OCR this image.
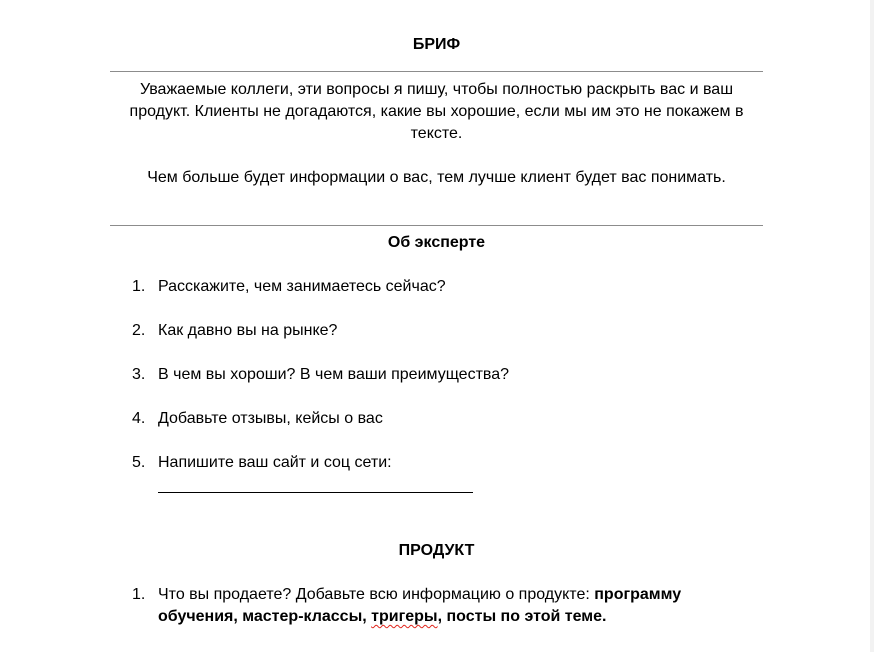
БРИФ
Уважаемые коллеги, эти вопросы я пишу, чтобы полностью раскрыть вас и ваш продукт. Клиенты не догадаются, какие вы хорошие, если мы им это не покажем в тексте.
Чем больше будет информации о вас, тем лучше клиент будет вас понимать.
Об эксперте
1. Расскажите, чем занимаетесь сейчас?
2. Как давно вы на рынке?
3. В чем вы хороши? В чем ваши преимущества?
4. Добавьте отзывы, кейсы о вас
5. Напишите ваш сайт и соц сети:
ПРОДУКТ
1. Что вы продаете? Добавьте всю информацию о продукте: программу обучения, мастер-классы, тригеры, посты по этой теме.
